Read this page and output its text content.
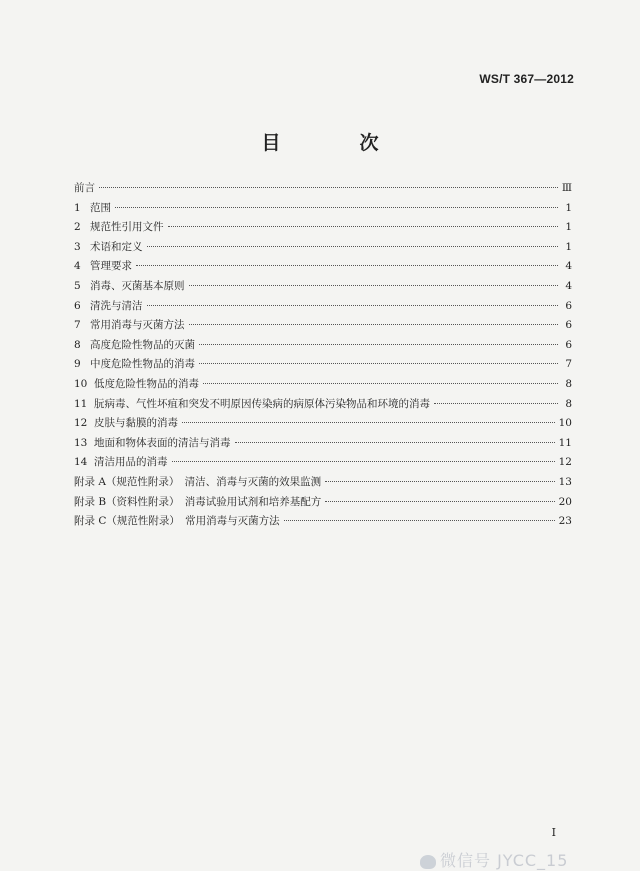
WS/T 367—2012
目　次
前言	Ⅲ
1 范围	1
2 规范性引用文件	1
3 术语和定义	1
4 管理要求	4
5 消毒、灭菌基本原则	4
6 清洗与清洁	6
7 常用消毒与灭菌方法	6
8 高度危险性物品的灭菌	6
9 中度危险性物品的消毒	7
10 低度危险性物品的消毒	8
11 朊病毒、气性坏疽和突发不明原因传染病的病原体污染物品和环境的消毒	8
12 皮肤与黏膜的消毒	10
13 地面和物体表面的清洁与消毒	11
14 清洁用品的消毒	12
附录 A（规范性附录）　清洁、消毒与灭菌的效果监测	13
附录 B（资料性附录）　消毒试验用试剂和培养基配方	20
附录 C（规范性附录）　常用消毒与灭菌方法	23
Ⅰ
微信号 JYCC_15
